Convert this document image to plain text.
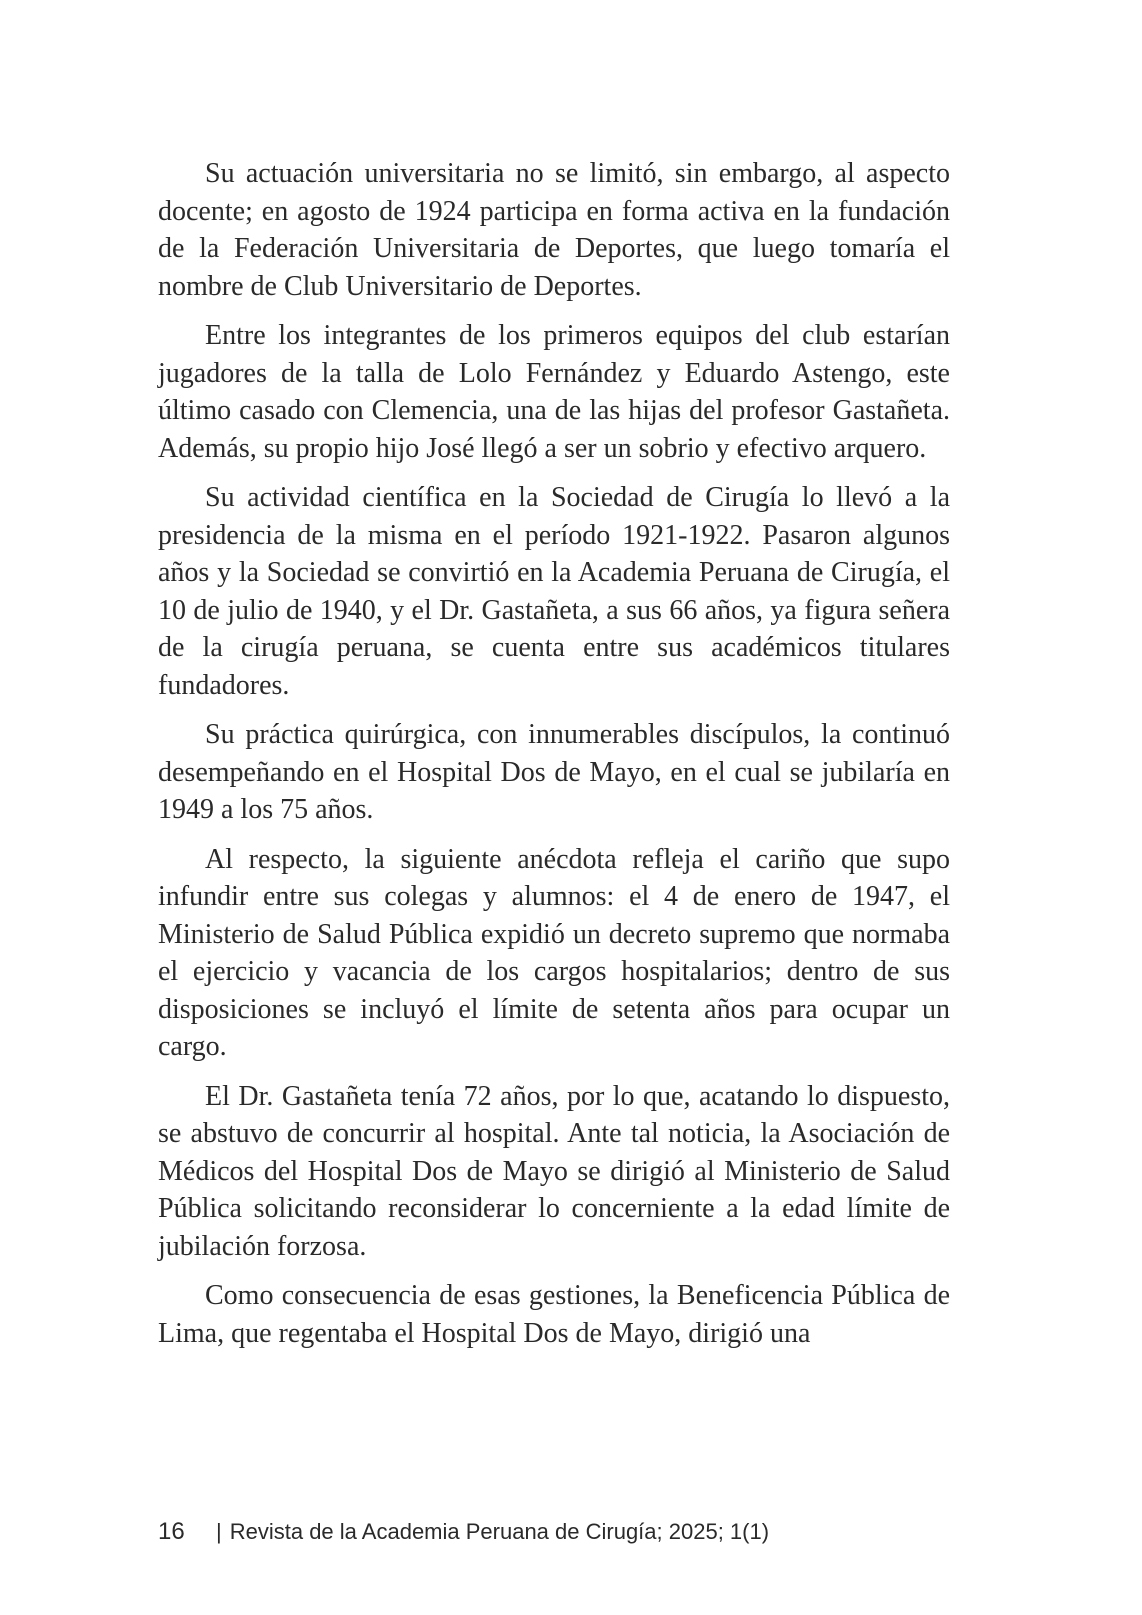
Su actuación universitaria no se limitó, sin embargo, al aspecto docente; en agosto de 1924 participa en forma activa en la fundación de la Federación Universitaria de Deportes, que luego tomaría el nombre de Club Universitario de Deportes.

Entre los integrantes de los primeros equipos del club estarían jugadores de la talla de Lolo Fernández y Eduardo Astengo, este último casado con Clemencia, una de las hijas del profesor Gastañeta. Además, su propio hijo José llegó a ser un sobrio y efectivo arquero.

Su actividad científica en la Sociedad de Cirugía lo llevó a la presidencia de la misma en el período 1921-1922. Pasaron algunos años y la Sociedad se convirtió en la Academia Peruana de Cirugía, el 10 de julio de 1940, y el Dr. Gastañeta, a sus 66 años, ya figura señera de la cirugía peruana, se cuenta entre sus académicos titulares fundadores.

Su práctica quirúrgica, con innumerables discípulos, la continuó desempeñando en el Hospital Dos de Mayo, en el cual se jubilaría en 1949 a los 75 años.

Al respecto, la siguiente anécdota refleja el cariño que supo infundir entre sus colegas y alumnos: el 4 de enero de 1947, el Ministerio de Salud Pública expidió un decreto supremo que normaba el ejercicio y vacancia de los cargos hospitalarios; dentro de sus disposiciones se incluyó el límite de setenta años para ocupar un cargo.

El Dr. Gastañeta tenía 72 años, por lo que, acatando lo dispuesto, se abstuvo de concurrir al hospital. Ante tal noticia, la Asociación de Médicos del Hospital Dos de Mayo se dirigió al Ministerio de Salud Pública solicitando reconsiderar lo concerniente a la edad límite de jubilación forzosa.

Como consecuencia de esas gestiones, la Beneficencia Pública de Lima, que regentaba el Hospital Dos de Mayo, dirigió una

16 | Revista de la Academia Peruana de Cirugía; 2025; 1(1)
